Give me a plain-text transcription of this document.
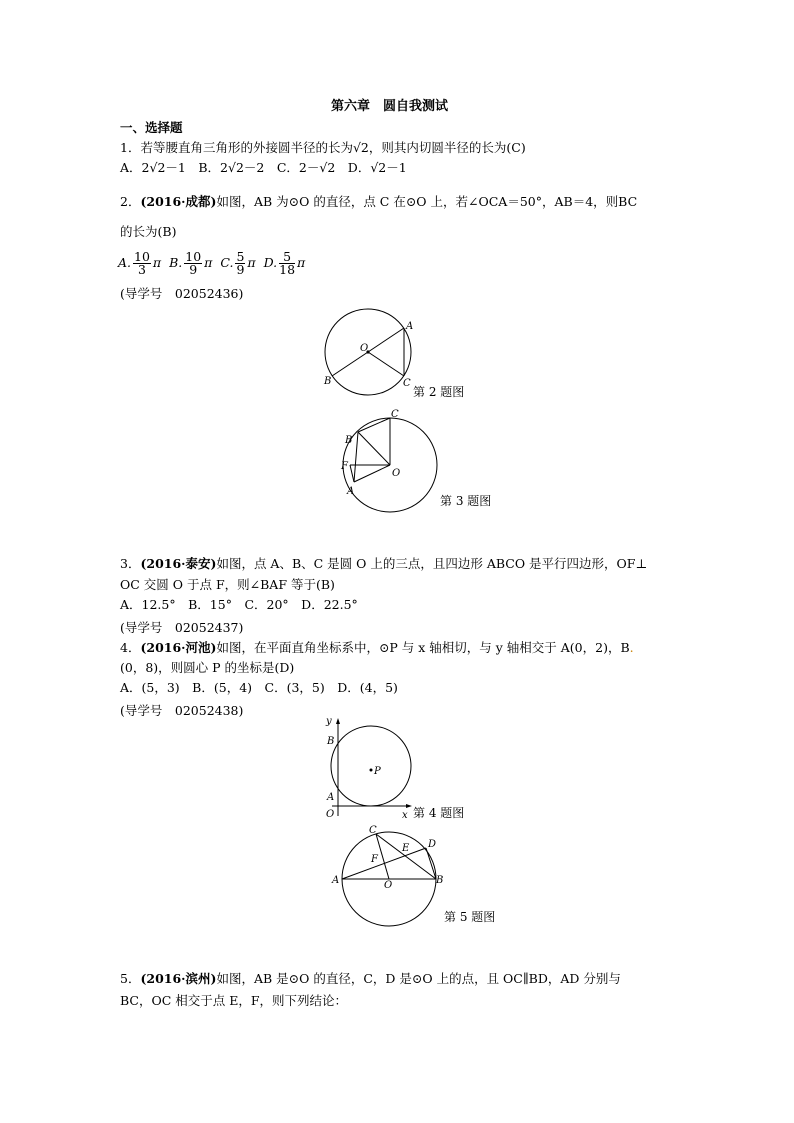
第六章　圆自我测试
一、选择题
1．若等腰直角三角形的外接圆半径的长为√2，则其内切圆半径的长为(C)
A．2√2－1　B．2√2－2　C．2－√2　D．√2－1
2．(2016·成都)如图，AB 为⊙O 的直径，点 C 在⊙O 上，若∠OCA＝50°，AB＝4，则BC
的长为(B)
A. $\frac{10}{3}$ π B. $\frac{10}{9}$ π C. $\frac{5}{9}$ π D. $\frac{5}{18}$ π
(导学号　02052436)
A
B	C
O
第 2 题图
C
B
F
O
A
第 3 题图
3．(2016·泰安)如图，点 A、B、C 是圆 O 上的三点，且四边形 ABCO 是平行四边形，OF⊥
OC 交圆 O 于点 F，则∠BAF 等于(B)
A．12.5°　B．15°　C．20°　D．22.5°
(导学号　02052437)
4．(2016·河池)如图，在平面直角坐标系中，⊙P 与 x 轴相切，与 y 轴相交于 A(0，2)，B.
(0，8)，则圆心 P 的坐标是(D)
A．(5，3)　B．(5，4)　C．(3，5)　D．(4，5)
(导学号　02052438)
y
x
B
A
O
P
第 4 题图
C
D
E
F
A	O	B
第 5 题图
5．(2016·滨州)如图，AB 是⊙O 的直径，C，D 是⊙O 上的点，且 OC∥BD，AD 分别与
BC，OC 相交于点 E，F，则下列结论：
